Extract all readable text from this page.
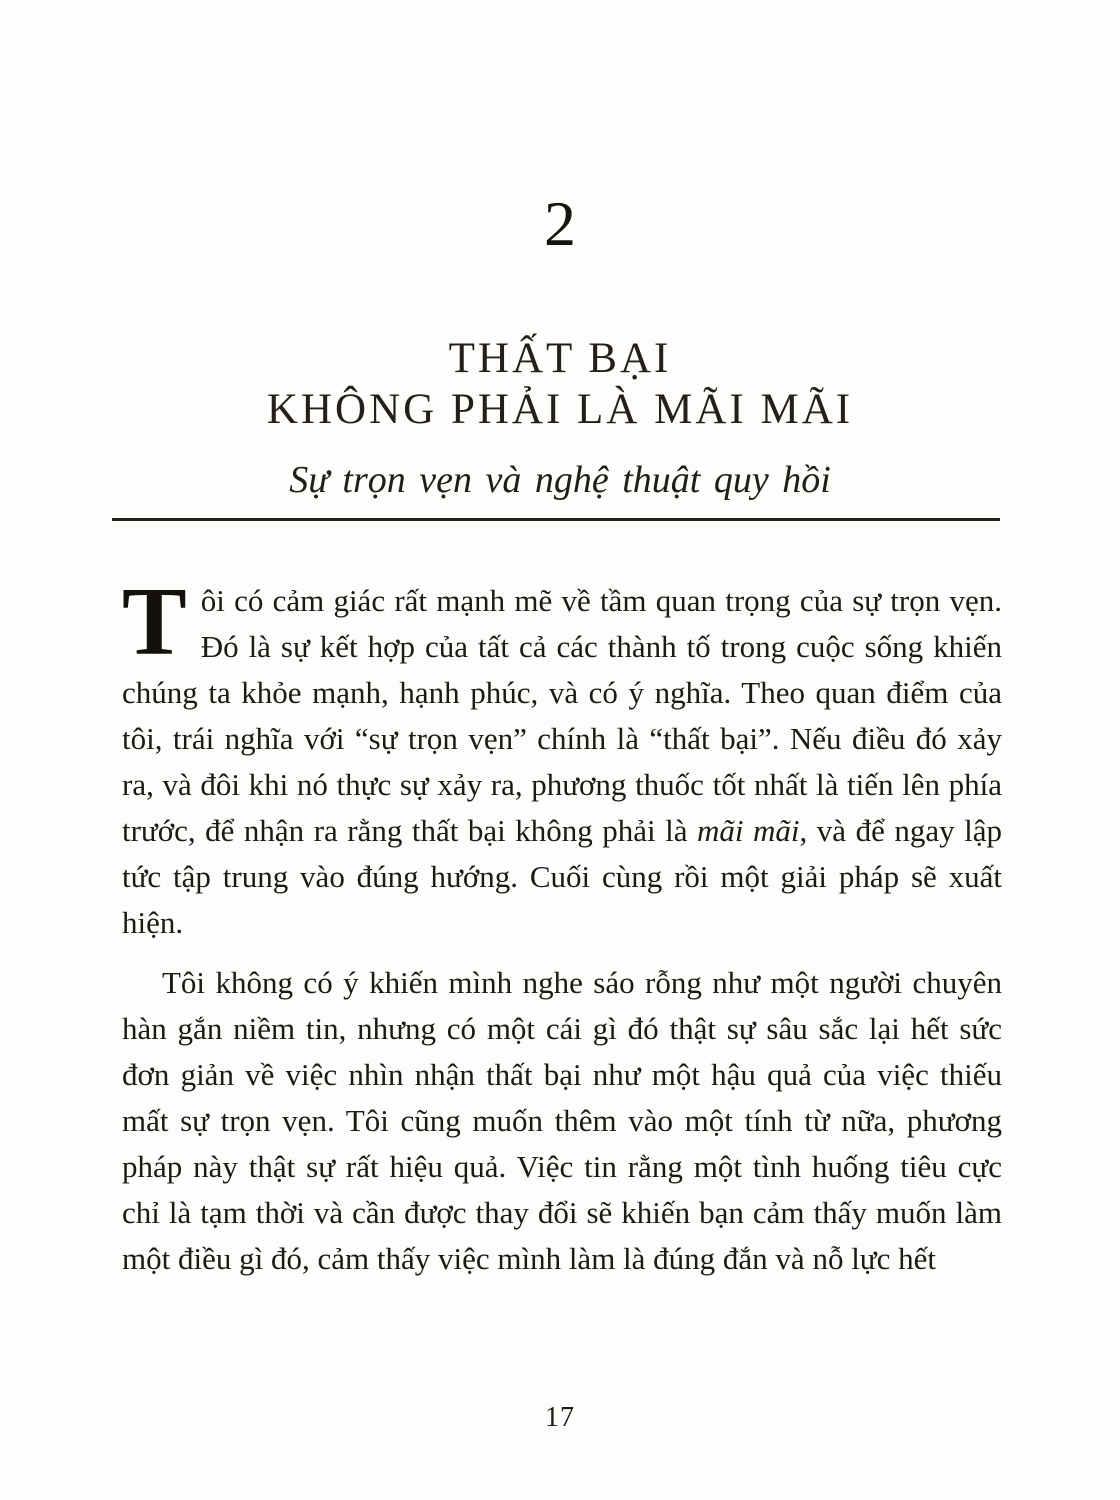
2
THẤT BẠI
KHÔNG PHẢI LÀ MÃI MÃI
Sự trọn vẹn và nghệ thuật quy hồi

Tôi có cảm giác rất mạnh mẽ về tầm quan trọng của sự trọn vẹn. Đó là sự kết hợp của tất cả các thành tố trong cuộc sống khiến chúng ta khỏe mạnh, hạnh phúc, và có ý nghĩa. Theo quan điểm của tôi, trái nghĩa với “sự trọn vẹn” chính là “thất bại”. Nếu điều đó xảy ra, và đôi khi nó thực sự xảy ra, phương thuốc tốt nhất là tiến lên phía trước, để nhận ra rằng thất bại không phải là mãi mãi, và để ngay lập tức tập trung vào đúng hướng. Cuối cùng rồi một giải pháp sẽ xuất hiện.

Tôi không có ý khiến mình nghe sáo rỗng như một người chuyên hàn gắn niềm tin, nhưng có một cái gì đó thật sự sâu sắc lại hết sức đơn giản về việc nhìn nhận thất bại như một hậu quả của việc thiếu mất sự trọn vẹn. Tôi cũng muốn thêm vào một tính từ nữa, phương pháp này thật sự rất hiệu quả. Việc tin rằng một tình huống tiêu cực chỉ là tạm thời và cần được thay đổi sẽ khiến bạn cảm thấy muốn làm một điều gì đó, cảm thấy việc mình làm là đúng đắn và nỗ lực hết

17
